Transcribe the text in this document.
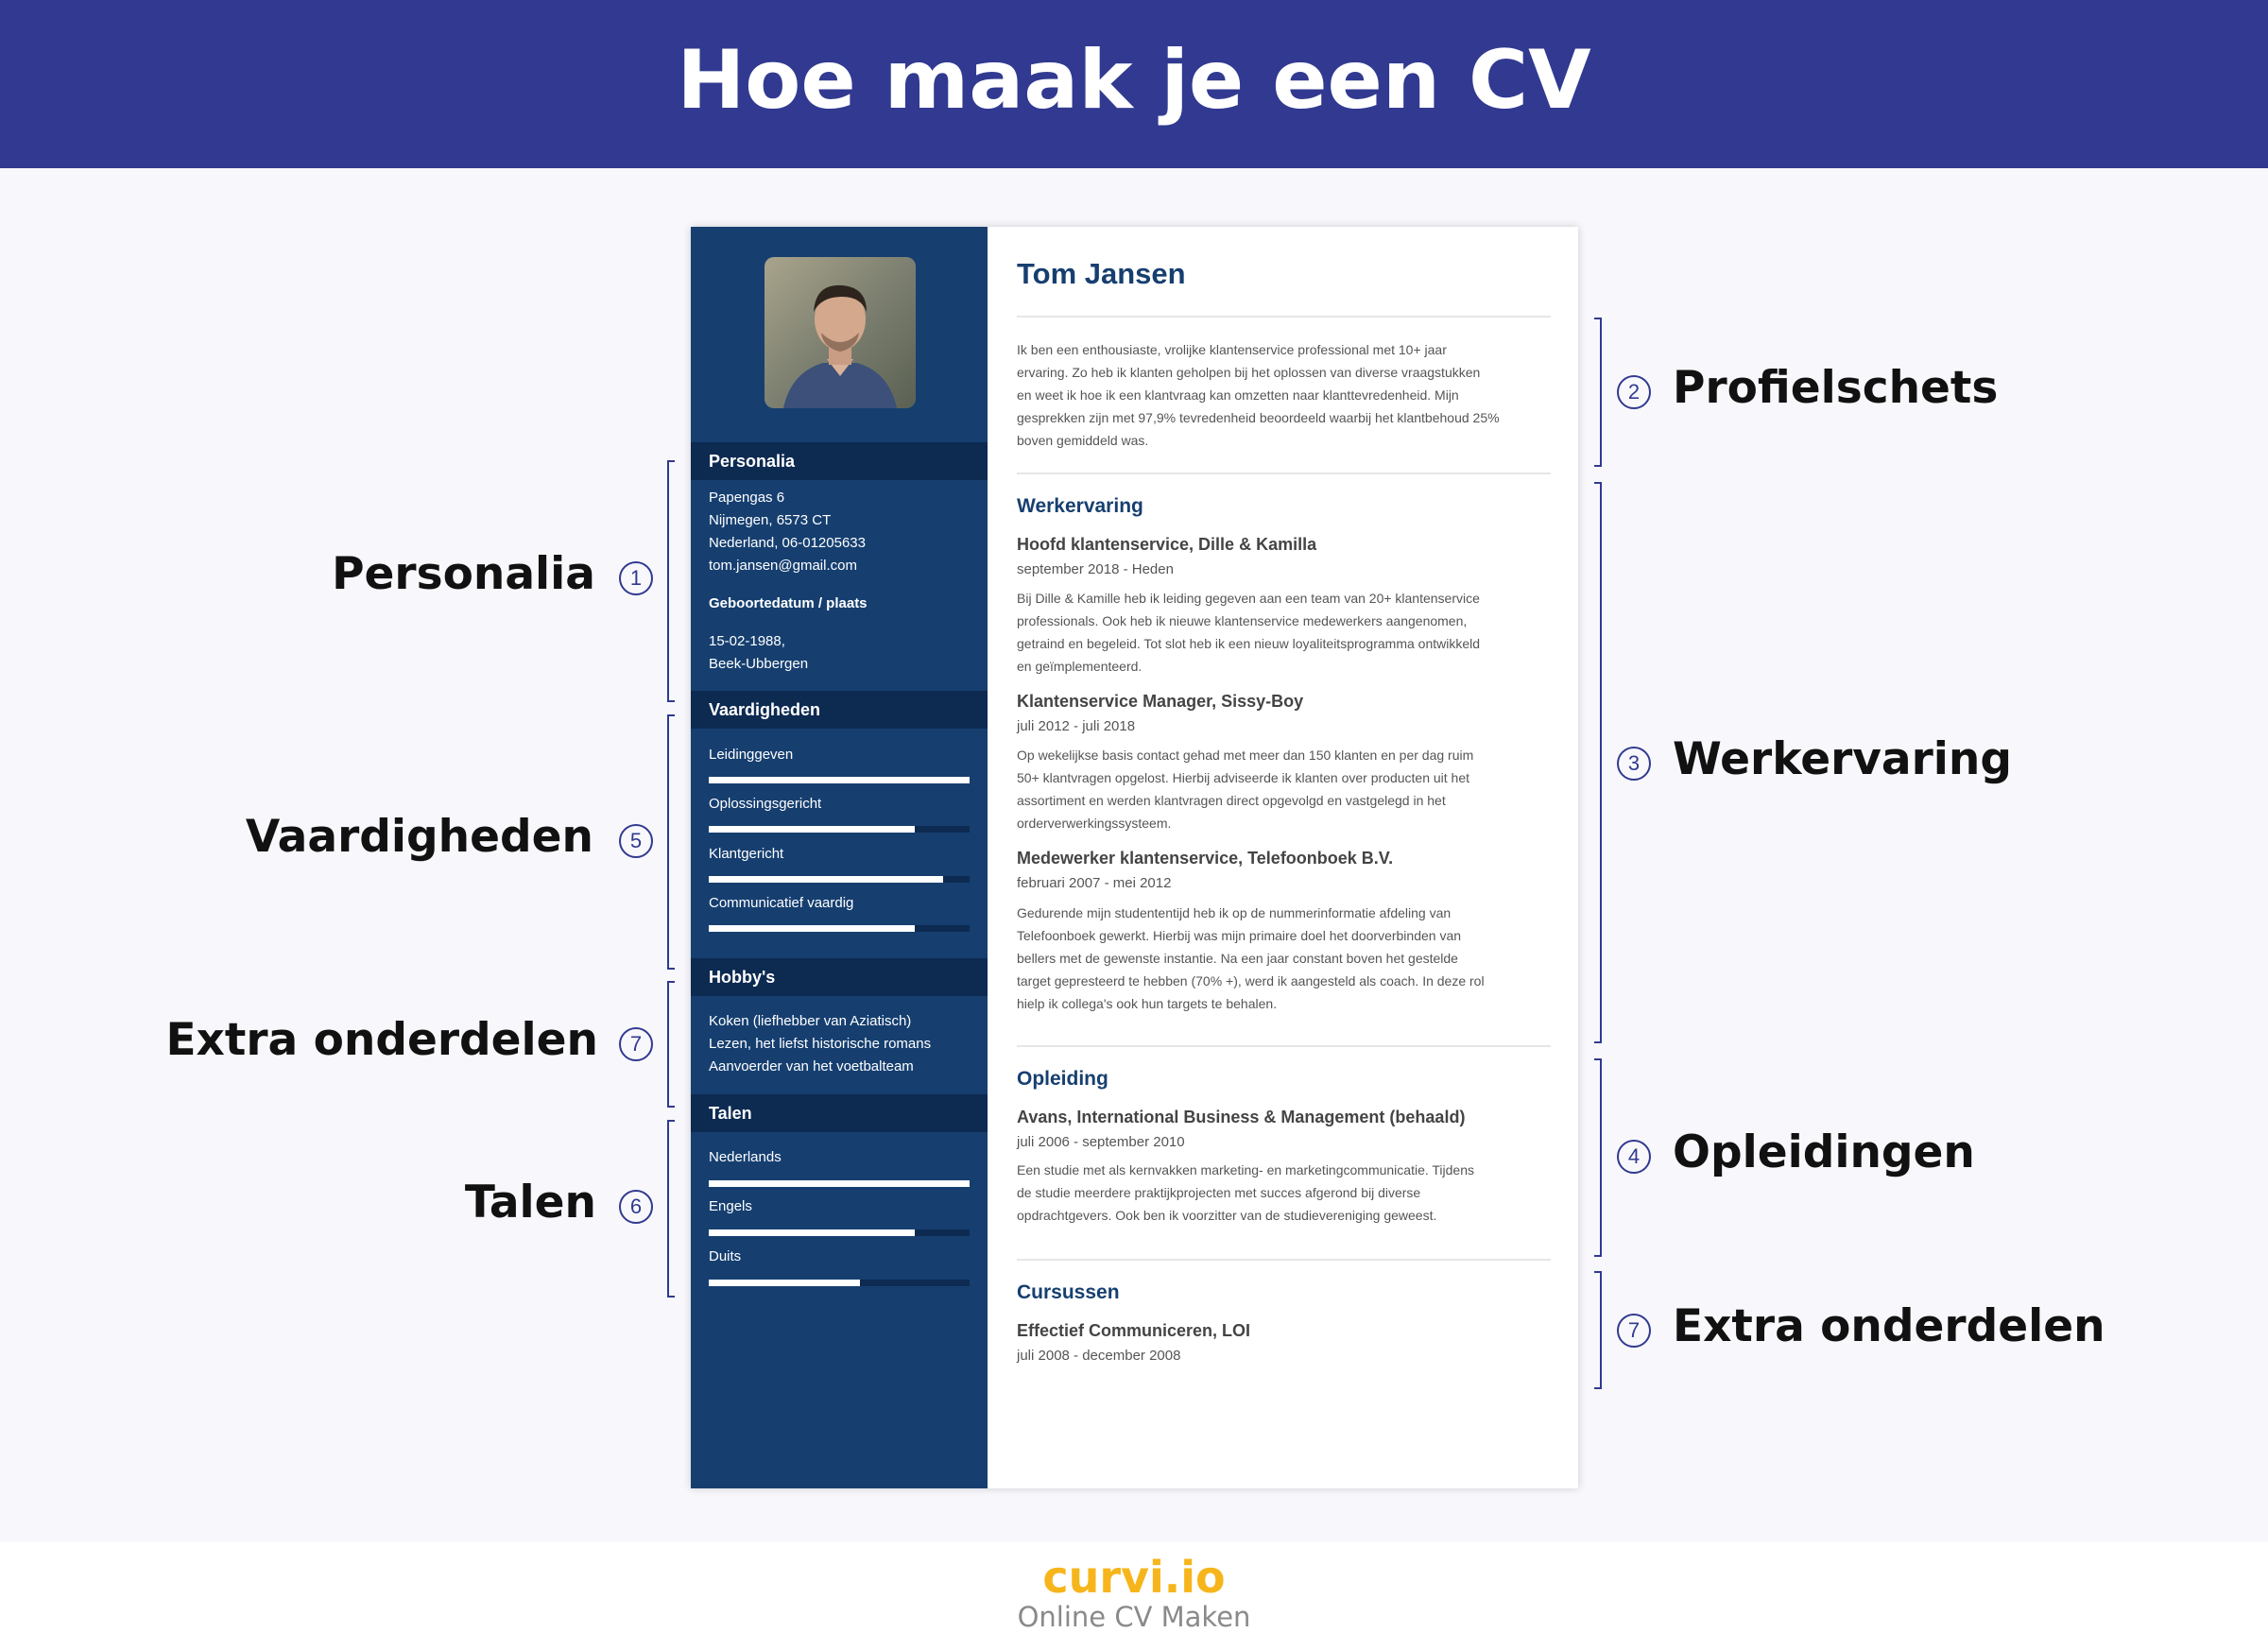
Hoe maak je een CV
Personalia
Papengas 6
Nijmegen, 6573 CT
Nederland, 06-01205633
tom.jansen@gmail.com
Geboortedatum / plaats
15-02-1988,
Beek-Ubbergen
Vaardigheden
Leidinggeven
Oplossingsgericht
Klantgericht
Communicatief vaardig
Hobby's
Koken (liefhebber van Aziatisch)
Lezen, het liefst historische romans
Aanvoerder van het voetbalteam
Talen
Nederlands
Engels
Duits
Tom Jansen
Ik ben een enthousiaste, vrolijke klantenservice professional met 10+ jaar
ervaring. Zo heb ik klanten geholpen bij het oplossen van diverse vraagstukken
en weet ik hoe ik een klantvraag kan omzetten naar klanttevredenheid. Mijn
gesprekken zijn met 97,9% tevredenheid beoordeeld waarbij het klantbehoud 25%
boven gemiddeld was.
Werkervaring
Hoofd klantenservice, Dille & Kamilla
september 2018 - Heden
Bij Dille & Kamille heb ik leiding gegeven aan een team van 20+ klantenservice
professionals. Ook heb ik nieuwe klantenservice medewerkers aangenomen,
getraind en begeleid. Tot slot heb ik een nieuw loyaliteitsprogramma ontwikkeld
en geïmplementeerd.
Klantenservice Manager, Sissy-Boy
juli 2012 - juli 2018
Op wekelijkse basis contact gehad met meer dan 150 klanten en per dag ruim
50+ klantvragen opgelost. Hierbij adviseerde ik klanten over producten uit het
assortiment en werden klantvragen direct opgevolgd en vastgelegd in het
orderverwerkingssysteem.
Medewerker klantenservice, Telefoonboek B.V.
februari 2007 - mei 2012
Gedurende mijn studententijd heb ik op de nummerinformatie afdeling van
Telefoonboek gewerkt. Hierbij was mijn primaire doel het doorverbinden van
bellers met de gewenste instantie. Na een jaar constant boven het gestelde
target gepresteerd te hebben (70% +), werd ik aangesteld als coach. In deze rol
hielp ik collega's ook hun targets te behalen.
Opleiding
Avans, International Business & Management (behaald)
juli 2006 - september 2010
Een studie met als kernvakken marketing- en marketingcommunicatie. Tijdens
de studie meerdere praktijkprojecten met succes afgerond bij diverse
opdrachtgevers. Ook ben ik voorzitter van de studievereniging geweest.
Cursussen
Effectief Communiceren, LOI
juli 2008 - december 2008
1
Personalia
5
Vaardigheden
7
Extra onderdelen
6
Talen
2 Profielschets
3 Werkervaring
4 Opleidingen
7 Extra onderdelen
curvi.io
Online CV Maken
